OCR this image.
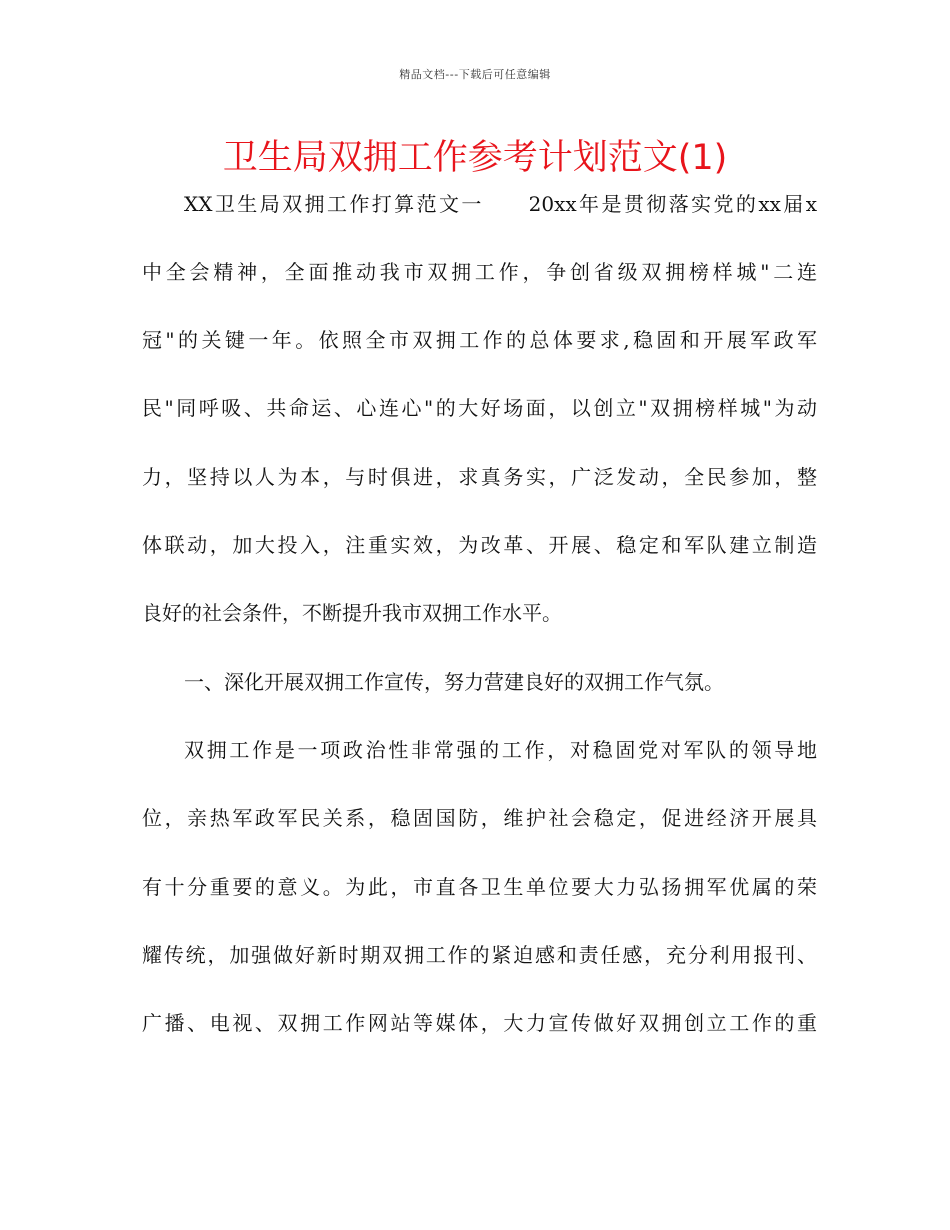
精品文档---下载后可任意编辑
卫生局双拥工作参考计划范文(1)
XX卫生局双拥工作打算范文一　　20xx年是贯彻落实党的xx届x
中全会精神，全面推动我市双拥工作，争创省级双拥榜样城"二连
冠"的关键一年。依照全市双拥工作的总体要求,稳固和开展军政军
民"同呼吸、共命运、心连心"的大好场面，以创立"双拥榜样城"为动
力，坚持以人为本，与时俱进，求真务实，广泛发动，全民参加，整
体联动，加大投入，注重实效，为改革、开展、稳定和军队建立制造
良好的社会条件，不断提升我市双拥工作水平。
一、深化开展双拥工作宣传，努力营建良好的双拥工作气氛。
双拥工作是一项政治性非常强的工作，对稳固党对军队的领导地
位，亲热军政军民关系，稳固国防，维护社会稳定，促进经济开展具
有十分重要的意义。为此，市直各卫生单位要大力弘扬拥军优属的荣
耀传统，加强做好新时期双拥工作的紧迫感和责任感，充分利用报刊、
广播、电视、双拥工作网站等媒体，大力宣传做好双拥创立工作的重
